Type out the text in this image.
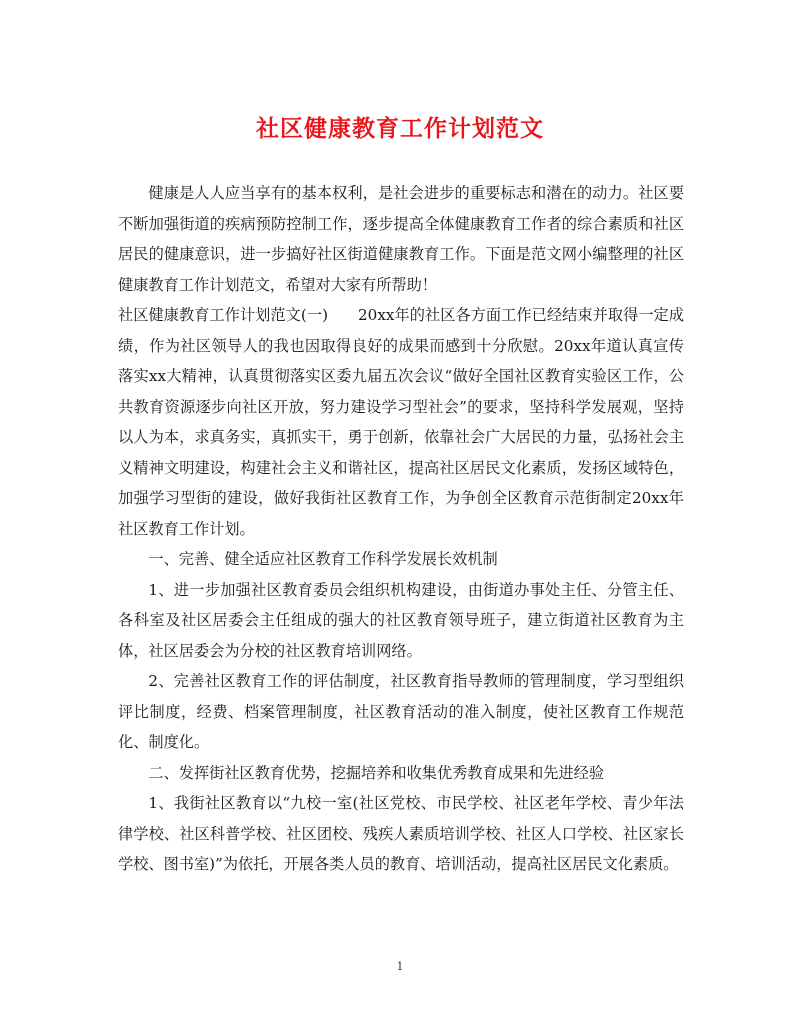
社区健康教育工作计划范文

健康是人人应当享有的基本权利，是社会进步的重要标志和潜在的动力。社区要不断加强街道的疾病预防控制工作，逐步提高全体健康教育工作者的综合素质和社区居民的健康意识，进一步搞好社区街道健康教育工作。下面是范文网小编整理的社区健康教育工作计划范文，希望对大家有所帮助！

社区健康教育工作计划范文(一) 20xx年的社区各方面工作已经结束并取得一定成绩，作为社区领导人的我也因取得良好的成果而感到十分欣慰。20xx年道认真宣传落实xx大精神，认真贯彻落实区委九届五次会议“做好全国社区教育实验区工作，公共教育资源逐步向社区开放，努力建设学习型社会”的要求，坚持科学发展观，坚持以人为本，求真务实，真抓实干，勇于创新，依靠社会广大居民的力量，弘扬社会主义精神文明建设，构建社会主义和谐社区，提高社区居民文化素质，发扬区域特色，加强学习型街的建设，做好我街社区教育工作，为争创全区教育示范街制定20xx年社区教育工作计划。

一、完善、健全适应社区教育工作科学发展长效机制

1、进一步加强社区教育委员会组织机构建设，由街道办事处主任、分管主任、各科室及社区居委会主任组成的强大的社区教育领导班子，建立街道社区教育为主体，社区居委会为分校的社区教育培训网络。

2、完善社区教育工作的评估制度，社区教育指导教师的管理制度，学习型组织评比制度，经费、档案管理制度，社区教育活动的准入制度，使社区教育工作规范化、制度化。

二、发挥街社区教育优势，挖掘培养和收集优秀教育成果和先进经验

1、我街社区教育以“九校一室(社区党校、市民学校、社区老年学校、青少年法律学校、社区科普学校、社区团校、残疾人素质培训学校、社区人口学校、社区家长学校、图书室)”为依托，开展各类人员的教育、培训活动，提高社区居民文化素质。

1
